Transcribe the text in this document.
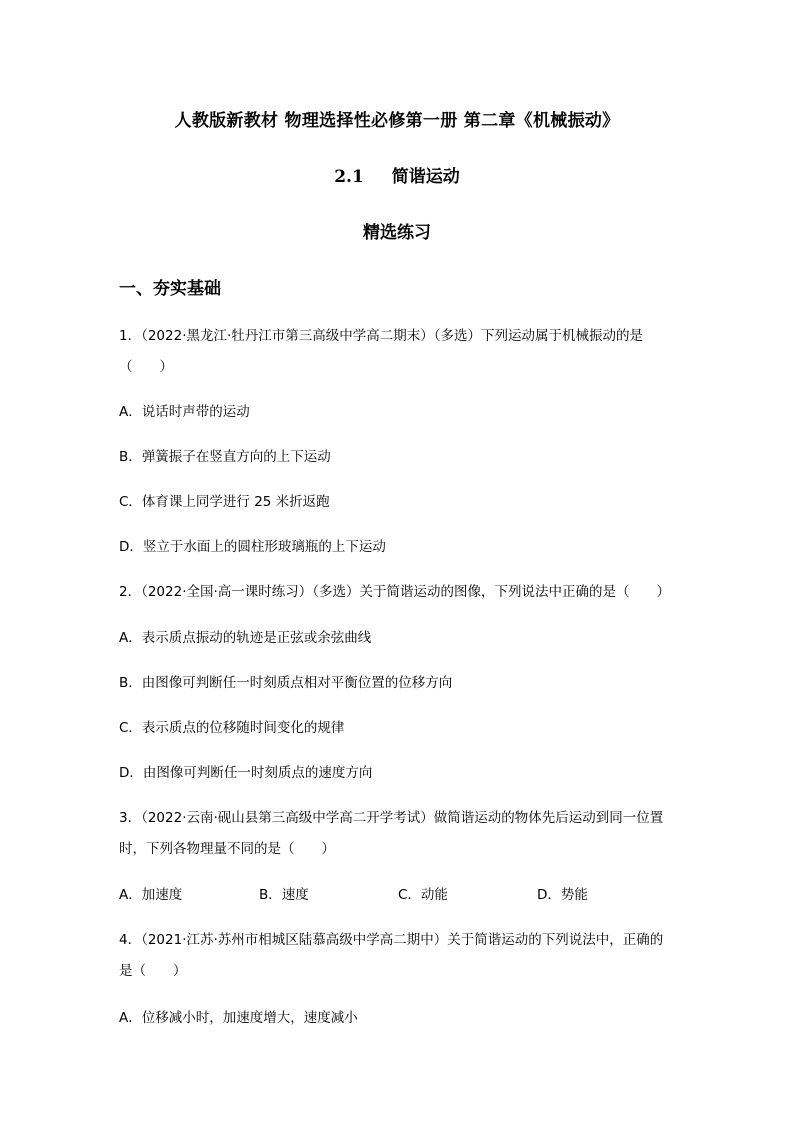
人教版新教材 物理选择性必修第一册 第二章《机械振动》
2.1 简谐运动
精选练习
一、夯实基础
1．（2022·黑龙江·牡丹江市第三高级中学高二期末）（多选）下列运动属于机械振动的是
（　　）
A．说话时声带的运动
B．弹簧振子在竖直方向的上下运动
C．体育课上同学进行 25 米折返跑
D．竖立于水面上的圆柱形玻璃瓶的上下运动
2．（2022·全国·高一课时练习）（多选）关于简谐运动的图像，下列说法中正确的是（　　）
A．表示质点振动的轨迹是正弦或余弦曲线
B．由图像可判断任一时刻质点相对平衡位置的位移方向
C．表示质点的位移随时间变化的规律
D．由图像可判断任一时刻质点的速度方向
3．（2022·云南·砚山县第三高级中学高二开学考试）做简谐运动的物体先后运动到同一位置
时，下列各物理量不同的是（　　）
A．加速度	B．速度	C．动能	D．势能
4．（2021·江苏·苏州市相城区陆慕高级中学高二期中）关于简谐运动的下列说法中，正确的
是（　　）
A．位移减小时，加速度增大，速度减小
